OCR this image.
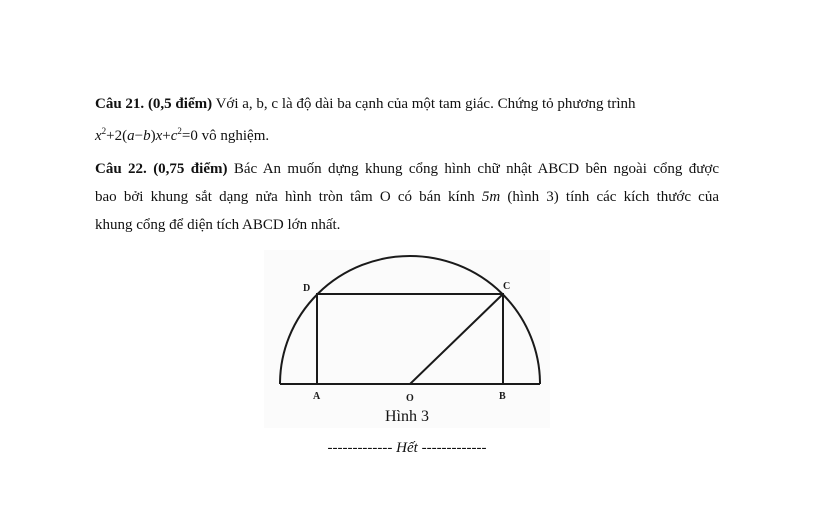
Câu 21. (0,5 điểm) Với a, b, c là độ dài ba cạnh của một tam giác. Chứng tỏ phương trình
$x^2+2(a-b)x+c^2=0$ vô nghiệm.
Câu 22. (0,75 điểm) Bác An muốn dựng khung cổng hình chữ nhật ABCD bên ngoài cổng được
bao bởi khung sắt dạng nửa hình tròn tâm O có bán kính 5m (hình 3) tính các kích thước của
khung cổng để diện tích ABCD lớn nhất.
D	C
A	O	B
Hình 3
------------- Hết -------------
